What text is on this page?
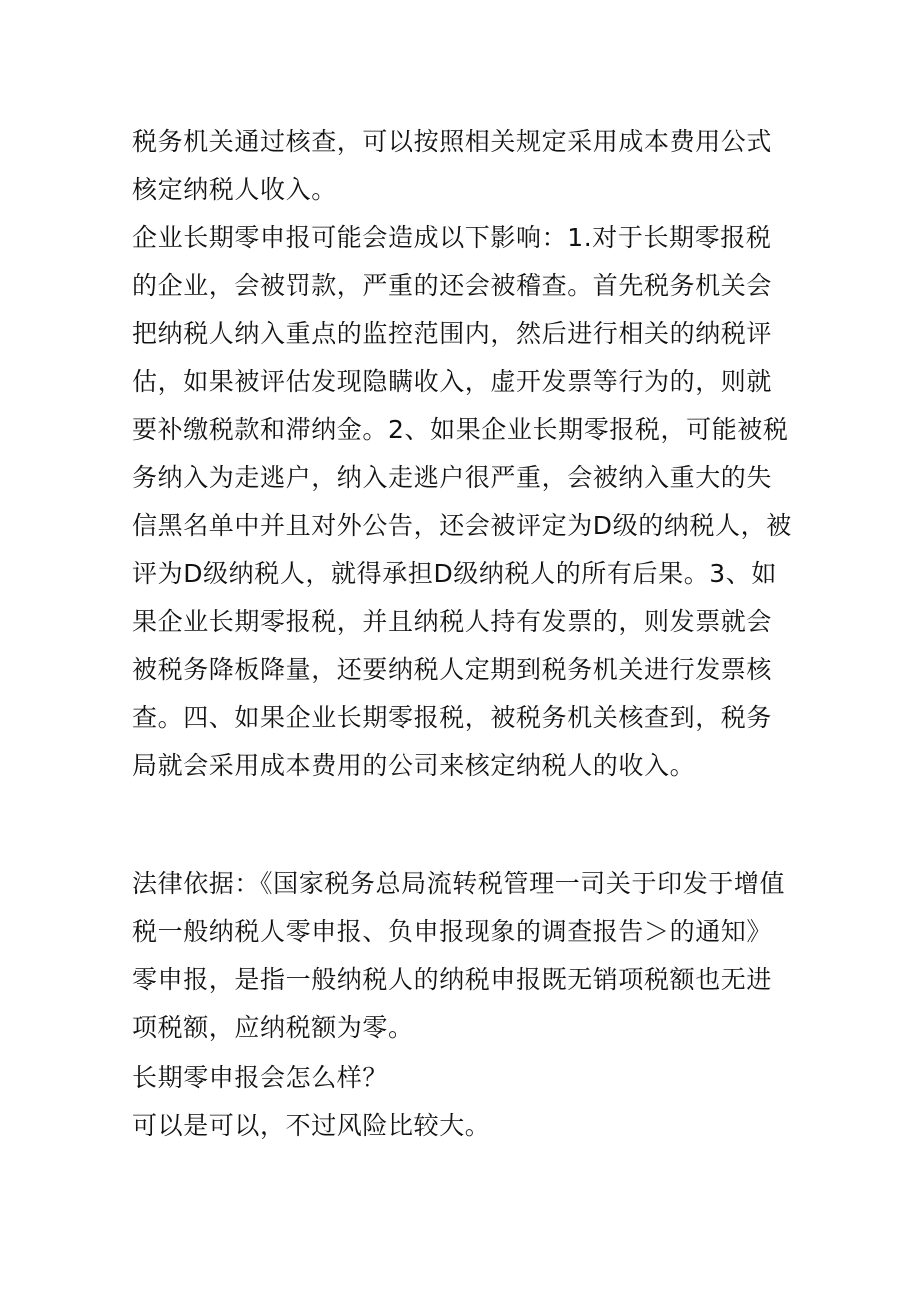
税务机关通过核查，可以按照相关规定采用成本费用公式核定纳税人收入。

企业长期零申报可能会造成以下影响：1.对于长期零报税的企业，会被罚款，严重的还会被稽查。首先税务机关会把纳税人纳入重点的监控范围内，然后进行相关的纳税评估，如果被评估发现隐瞒收入，虚开发票等行为的，则就要补缴税款和滞纳金。2、如果企业长期零报税，可能被税务纳入为走逃户，纳入走逃户很严重，会被纳入重大的失信黑名单中并且对外公告，还会被评定为D级的纳税人，被评为D级纳税人，就得承担D级纳税人的所有后果。3、如果企业长期零报税，并且纳税人持有发票的，则发票就会被税务降板降量，还要纳税人定期到税务机关进行发票核查。四、如果企业长期零报税，被税务机关核查到，税务局就会采用成本费用的公司来核定纳税人的收入。

法律依据：《国家税务总局流转税管理一司关于印发于增值税一般纳税人零申报、负申报现象的调查报告＞的通知》零申报，是指一般纳税人的纳税申报既无销项税额也无进项税额，应纳税额为零。

长期零申报会怎么样？

可以是可以，不过风险比较大。
